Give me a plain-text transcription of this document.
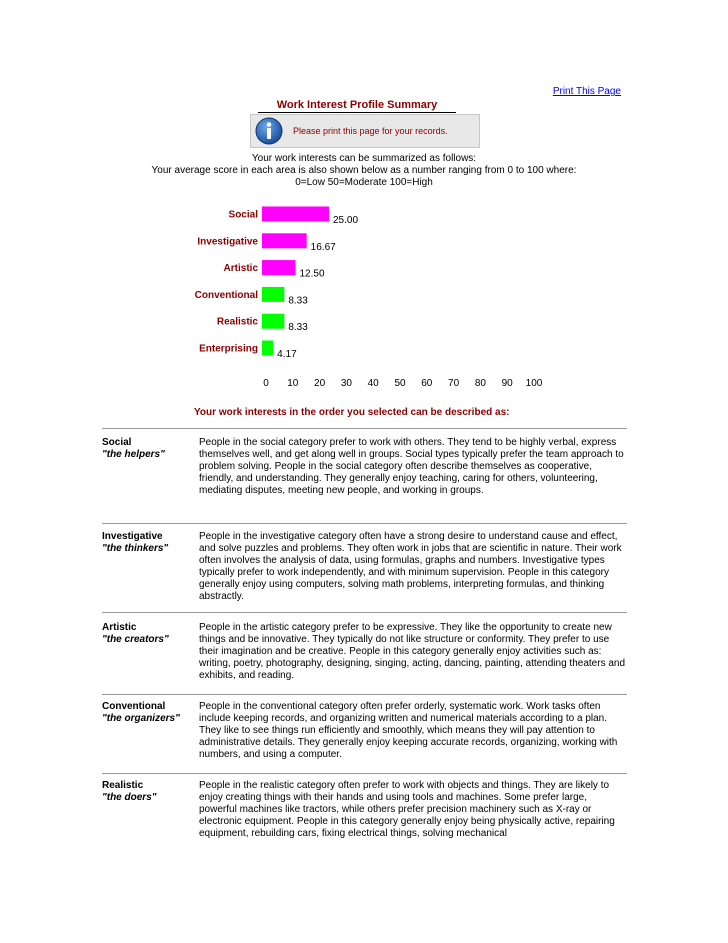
Print This Page
Work Interest Profile Summary
Please print this page for your records.
Your work interests can be summarized as follows:
Your average score in each area is also shown below as a number ranging from 0 to 100 where:
0=Low 50=Moderate 100=High
Social	25.00
Investigative	16.67
Artistic	12.50
Conventional	8.33
Realistic	8.33
Enterprising 4.17
0 10 20 30 40 50 60 70 80 90 100
Your work interests in the order you selected can be described as:
Social
"the helpers"
People in the social category prefer to work with others. They tend to be highly verbal, express themselves well, and get along well in groups. Social types typically prefer the team approach to problem solving. People in the social category often describe themselves as cooperative, friendly, and understanding. They generally enjoy teaching, caring for others, volunteering, mediating disputes, meeting new people, and working in groups.
Investigative
"the thinkers"
People in the investigative category often have a strong desire to understand cause and effect, and solve puzzles and problems. They often work in jobs that are scientific in nature. Their work often involves the analysis of data, using formulas, graphs and numbers. Investigative types typically prefer to work independently, and with minimum supervision. People in this category generally enjoy using computers, solving math problems, interpreting formulas, and thinking abstractly.
Artistic
"the creators"
People in the artistic category prefer to be expressive. They like the opportunity to create new things and be innovative. They typically do not like structure or conformity. They prefer to use their imagination and be creative. People in this category generally enjoy activities such as: writing, poetry, photography, designing, singing, acting, dancing, painting, attending theaters and exhibits, and reading.
Conventional
"the organizers"
People in the conventional category often prefer orderly, systematic work. Work tasks often include keeping records, and organizing written and numerical materials according to a plan. They like to see things run efficiently and smoothly, which means they will pay attention to administrative details. They generally enjoy keeping accurate records, organizing, working with numbers, and using a computer.
Realistic
"the doers"
People in the realistic category often prefer to work with objects and things. They are likely to enjoy creating things with their hands and using tools and machines. Some prefer large, powerful machines like tractors, while others prefer precision machinery such as X-ray or electronic equipment. People in this category generally enjoy being physically active, repairing equipment, rebuilding cars, fixing electrical things, solving mechanical
